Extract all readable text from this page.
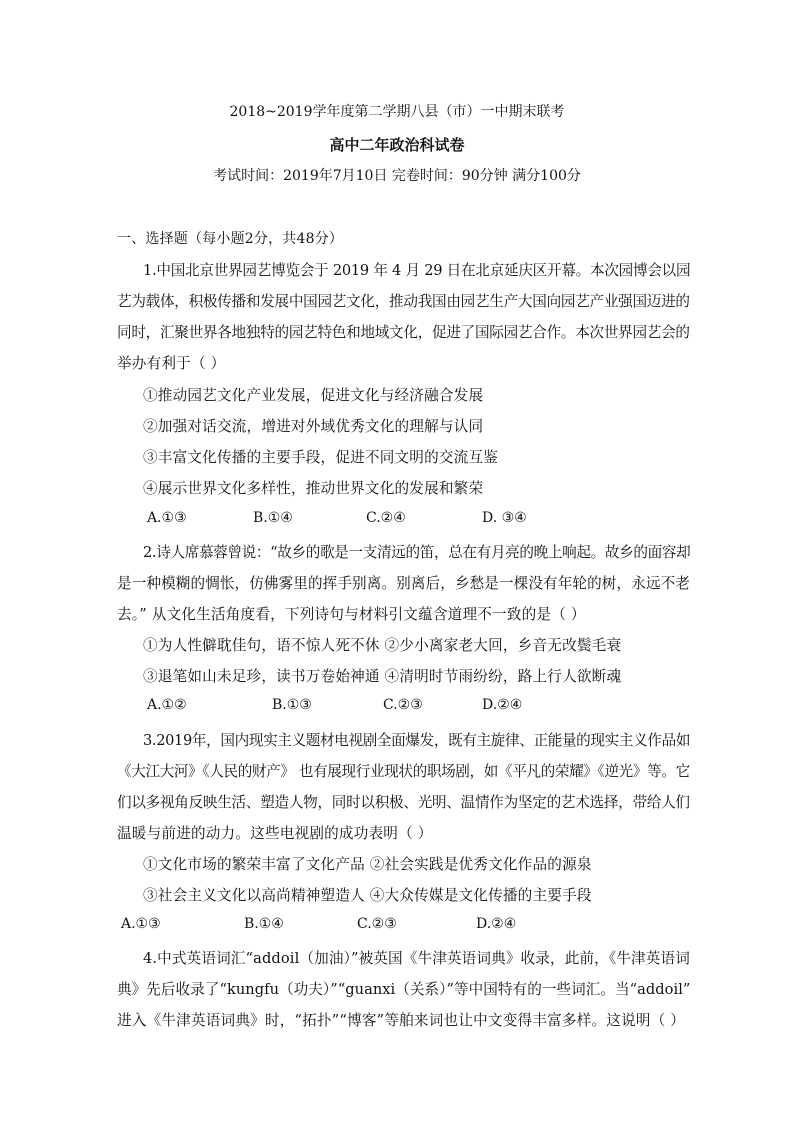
2018~2019学年度第二学期八县（市）一中期末联考
高中二年政治科试卷
考试时间：2019年7月10日 完卷时间：90分钟 满分100分
一、选择题（每小题2分，共48分）
1.中国北京世界园艺博览会于 2019 年 4 月 29 日在北京延庆区开幕。本次园博会以园
艺为载体，积极传播和发展中国园艺文化，推动我国由园艺生产大国向园艺产业强国迈进的
同时，汇聚世界各地独特的园艺特色和地域文化，促进了国际园艺合作。本次世界园艺会的
举办有利于（ ）
①推动园艺文化产业发展，促进文化与经济融合发展
②加强对话交流，增进对外域优秀文化的理解与认同
③丰富文化传播的主要手段，促进不同文明的交流互鉴
④展示世界文化多样性，推动世界文化的发展和繁荣
A.①③	B.①④	C.②④	D. ③④
2.诗人席慕蓉曾说：“故乡的歌是一支清远的笛，总在有月亮的晚上响起。故乡的面容却
是一种模糊的惆怅，仿佛雾里的挥手别离。别离后，乡愁是一棵没有年轮的树，永远不老
去。” 从文化生活角度看，下列诗句与材料引文蕴含道理不一致的是（ ）
①为人性僻耽佳句，语不惊人死不休 ②少小离家老大回，乡音无改鬓毛衰
③退笔如山未足珍，读书万卷始神通 ④清明时节雨纷纷，路上行人欲断魂
A.①②	B.①③	C.②③	D.②④
3.2019年，国内现实主义题材电视剧全面爆发，既有主旋律、正能量的现实主义作品如
《大江大河》《人民的财产》 也有展现行业现状的职场剧，如《平凡的荣耀》《逆光》等。它
们以多视角反映生活、塑造人物，同时以积极、光明、温情作为坚定的艺术选择，带给人们
温暖与前进的动力。这些电视剧的成功表明（ ）
①文化市场的繁荣丰富了文化产品 ②社会实践是优秀文化作品的源泉
③社会主义文化以高尚精神塑造人 ④大众传媒是文化传播的主要手段
A.①③	B.①④	C.②③	D.②④
4.中式英语词汇“addoil（加油）”被英国《牛津英语词典》收录，此前，《牛津英语词
典》先后收录了“kungfu（功夫）”“guanxi（关系）”等中国特有的一些词汇。当“addoil”
进入《牛津英语词典》时，“拓扑”“博客”等舶来词也让中文变得丰富多样。这说明（ ）
